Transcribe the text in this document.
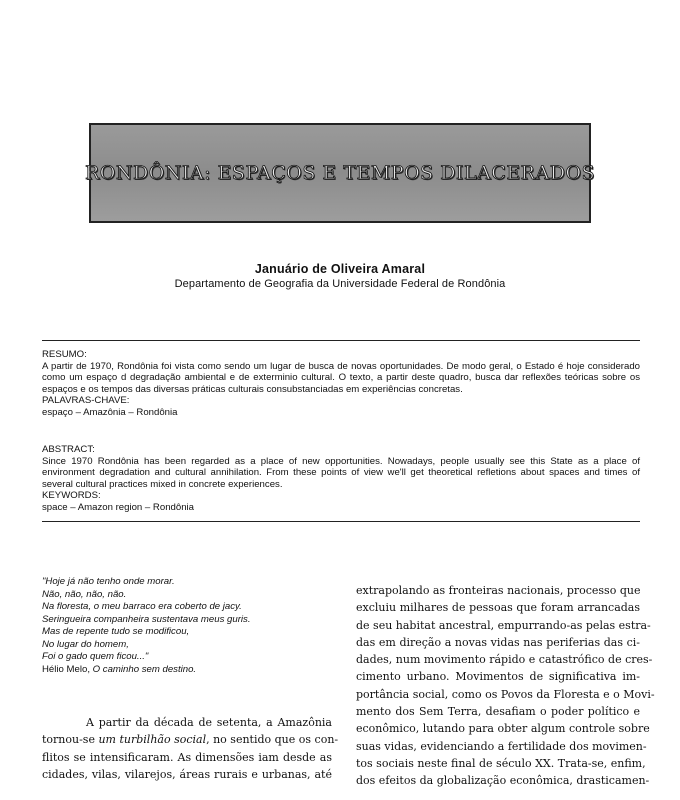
RONDÔNIA: ESPAÇOS E TEMPOS DILACERADOS
Januário de Oliveira Amaral
Departamento de Geografia da Universidade Federal de Rondônia
RESUMO:
A partir de 1970, Rondônia foi vista como sendo um lugar de busca de novas oportunidades. De modo geral, o Estado é hoje considerado como um espaço d degradação ambiental e de exterminio cultural. O texto, a partir deste quadro, busca dar reflexões teóricas sobre os espaços e os tempos das diversas práticas culturais consubstanciadas em experiências concretas.
PALAVRAS-CHAVE:
espaço – Amazônia – Rondônia
ABSTRACT:
Since 1970 Rondônia has been regarded as a place of new opportunities. Nowadays, people usually see this State as a place of environment degradation and cultural annihilation. From these points of view we'll get theoretical refletions about spaces and times of several cultural practices mixed in concrete experiences.
KEYWORDS:
space – Amazon region – Rondônia
"Hoje já não tenho onde morar.
Não, não, não, não.
Na floresta, o meu barraco era coberto de jacy.
Seringueira companheira sustentava meus guris.
Mas de repente tudo se modificou,
No lugar do homem,
Foi o gado quem ficou..."
Hélio Melo, O caminho sem destino.
A partir da década de setenta, a Amazônia
tornou-se um turbilhão social, no sentido que os con-
flitos se intensificaram. As dimensões iam desde as
cidades, vilas, vilarejos, áreas rurais e urbanas, até
extrapolando as fronteiras nacionais, processo que
excluiu milhares de pessoas que foram arrancadas
de seu habitat ancestral, empurrando-as pelas estra-
das em direção a novas vidas nas periferias das ci-
dades, num movimento rápido e catastrófico de cres-
cimento urbano. Movimentos de significativa im-
portância social, como os Povos da Floresta e o Movi-
mento dos Sem Terra, desafiam o poder político e
econômico, lutando para obter algum controle sobre
suas vidas, evidenciando a fertilidade dos movimen-
tos sociais neste final de século XX. Trata-se, enfim,
dos efeitos da globalização econômica, drasticamen-
